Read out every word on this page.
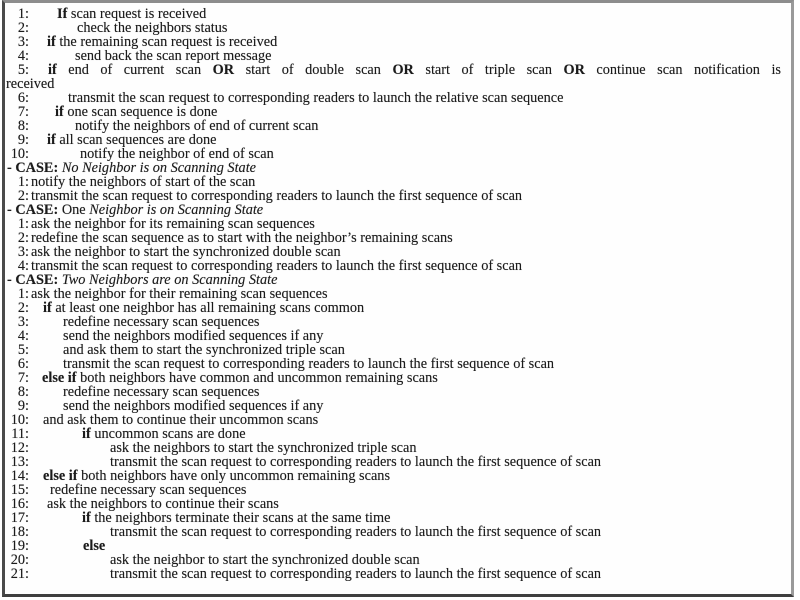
1: If scan request is received
2:	check the neighbors status
3: if the remaining scan request is received
4:	send back the scan report message
5:	if end of current scan OR start of double scan OR start of triple scan OR continue scan notification is
received
6:	transmit the scan request to corresponding readers to launch the relative scan sequence
7: if one scan sequence is done
8:	notify the neighbors of end of current scan
9: if all scan sequences are done
10:	notify the neighbor of end of scan
- CASE: No Neighbor is on Scanning State
1: notify the neighbors of start of the scan
2: transmit the scan request to corresponding readers to launch the first sequence of scan
- CASE: One Neighbor is on Scanning State
1: ask the neighbor for its remaining scan sequences
2: redefine the scan sequence as to start with the neighbor’s remaining scans
3: ask the neighbor to start the synchronized double scan
4: transmit the scan request to corresponding readers to launch the first sequence of scan
- CASE: Two Neighbors are on Scanning State
1: ask the neighbor for their remaining scan sequences
2: if at least one neighbor has all remaining scans common
3: redefine necessary scan sequences
4: send the neighbors modified sequences if any
5: and ask them to start the synchronized triple scan
6: transmit the scan request to corresponding readers to launch the first sequence of scan
7: else if both neighbors have common and uncommon remaining scans
8: redefine necessary scan sequences
9: send the neighbors modified sequences if any
10: and ask them to continue their uncommon scans
11:	if uncommon scans are done
12:	ask the neighbors to start the synchronized triple scan
13:	transmit the scan request to corresponding readers to launch the first sequence of scan
14: else if both neighbors have only uncommon remaining scans
15: redefine necessary scan sequences
16: ask the neighbors to continue their scans
17:	if the neighbors terminate their scans at the same time
18:	transmit the scan request to corresponding readers to launch the first sequence of scan
19:	else
20:	ask the neighbor to start the synchronized double scan
21:	transmit the scan request to corresponding readers to launch the first sequence of scan
